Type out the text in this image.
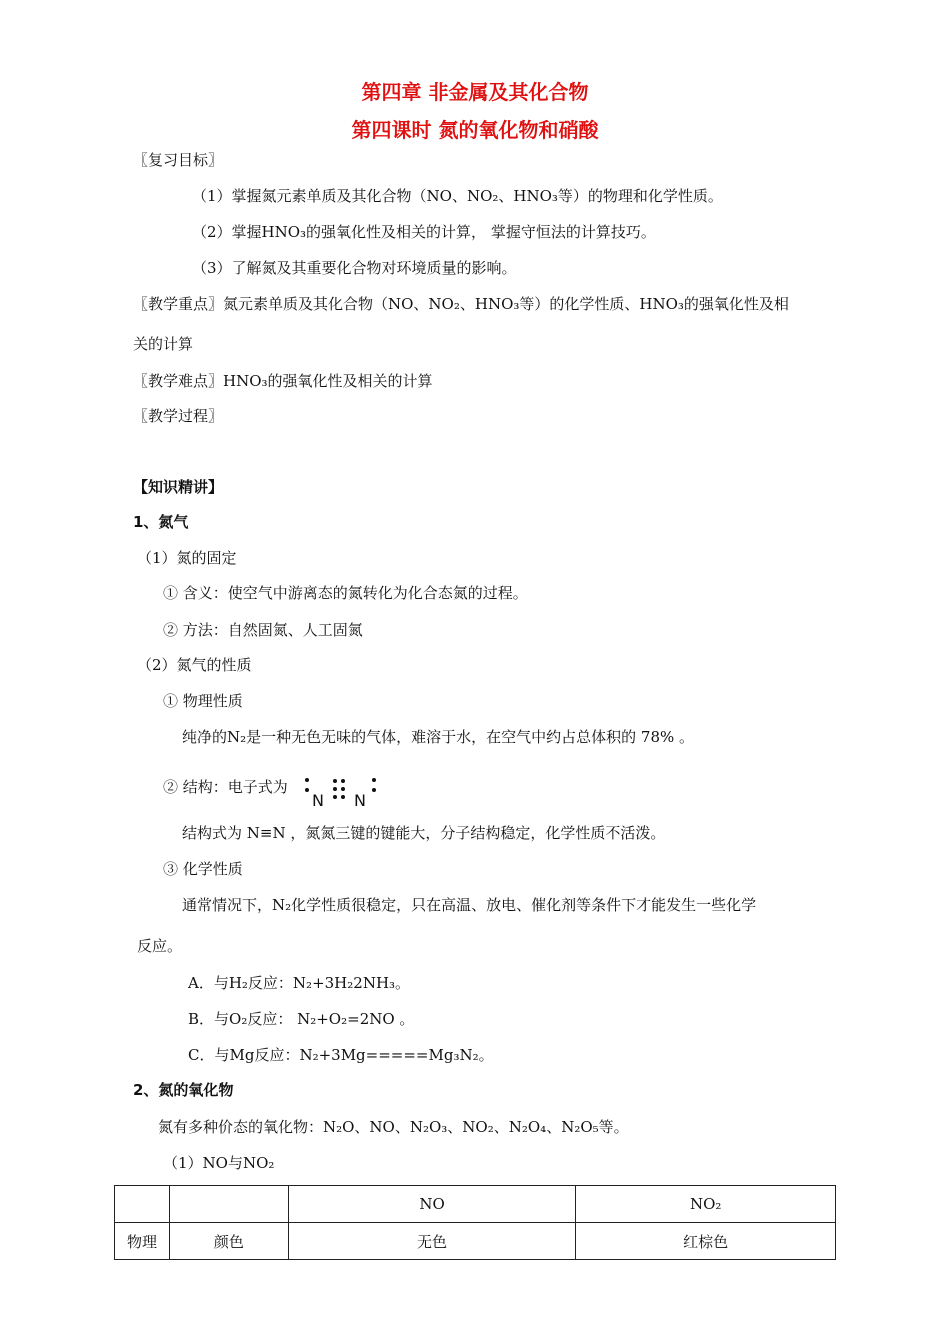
第四章 非金属及其化合物
第四课时 氮的氧化物和硝酸
〖复习目标〗
（1）掌握氮元素单质及其化合物（NO、NO₂、HNO₃等）的物理和化学性质。
（2）掌握HNO₃的强氧化性及相关的计算， 掌握守恒法的计算技巧。
（3）了解氮及其重要化合物对环境质量的影响。
〖教学重点〗氮元素单质及其化合物（NO、NO₂、HNO₃等）的化学性质、HNO₃的强氧化性及相
关的计算
〖教学难点〗HNO₃的强氧化性及相关的计算
〖教学过程〗
【知识精讲】
1、氮气
（1）氮的固定
① 含义：使空气中游离态的氮转化为化合态氮的过程。
② 方法：自然固氮、人工固氮
（2）氮气的性质
① 物理性质
纯净的N₂是一种无色无味的气体，难溶于水，在空气中约占总体积的 78% 。
② 结构：电子式为
N N
结构式为 N≡N ，氮氮三键的键能大，分子结构稳定，化学性质不活泼。
③ 化学性质
通常情况下，N₂化学性质很稳定，只在高温、放电、催化剂等条件下才能发生一些化学
反应。
A．与H₂反应：N₂+3H₂2NH₃。
B．与O₂反应： N₂+O₂=2NO 。
C．与Mg反应：N₂+3Mg=====Mg₃N₂。
2、氮的氧化物
氮有多种价态的氧化物：N₂O、NO、N₂O₃、NO₂、N₂O₄、N₂O₅等。
（1）NO与NO₂
		NO	NO₂
物理	颜色	无色	红棕色
